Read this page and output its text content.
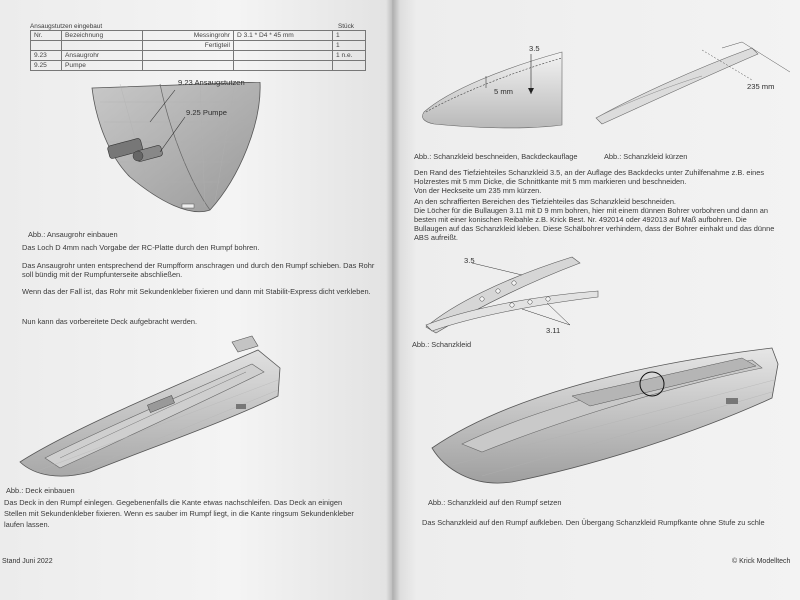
Ansaugstutzen eingebaut	Stück
Nr.	Bezeichnung	Messingrohr	D 3.1 * D4 * 45 mm	1
		Fertigteil		1
9.23	Ansaugrohr			1 n.e.
9.25	Pumpe			
9.23 Ansaugstutzen
9.25 Pumpe
Abb.: Ansaugrohr einbauen
Das Loch D 4mm nach Vorgabe der RC-Platte durch den Rumpf bohren.
Das Ansaugrohr unten entsprechend der Rumpfform anschragen und durch den Rumpf schieben. Das Rohr
soll bündig mit der Rumpfunterseite abschließen.
Wenn das der Fall ist, das Rohr mit Sekundenkleber fixieren und dann mit Stabilit-Express dicht verkleben.
Nun kann das vorbereitete Deck aufgebracht werden.
Abb.: Deck einbauen
Das Deck in den Rumpf einlegen. Gegebenenfalls die Kante etwas nachschleifen. Das Deck an einigen
Stellen mit Sekundenkleber fixieren. Wenn es sauber im Rumpf liegt, in die Kante ringsum Sekundenkleber
laufen lassen.
Stand Juni 2022
3.5
5 mm
235 mm
Abb.: Schanzkleid beschneiden, Backdeckauflage	Abb.: Schanzkleid kürzen
Den Rand des Tiefziehteiles Schanzkleid 3.5, an der Auflage des Backdecks unter Zuhilfenahme z.B. eines
Holzrestes mit 5 mm Dicke, die Schnittkante mit 5 mm markieren und beschneiden.
Von der Heckseite um 235 mm kürzen.
An den schraffierten Bereichen des Tiefziehteiles das Schanzkleid beschneiden.
Die Löcher für die Bullaugen 3.11 mit D 9 mm bohren, hier mit einem dünnen Bohrer vorbohren und dann an
besten mit einer konischen Reibahle z.B. Krick Best. Nr. 492014 oder 492013 auf Maß aufbohren. Die
Bullaugen auf das Schanzkleid kleben. Diese Schälbohrer verhindern, dass der Bohrer einhakt und das dünne
ABS aufreißt.
3.5
3.11
Abb.: Schanzkleid
Abb.: Schanzkleid auf den Rumpf setzen
Das Schanzkleid auf den Rumpf aufkleben. Den Übergang Schanzkleid Rumpfkante ohne Stufe zu schle
© Krick Modelltech
